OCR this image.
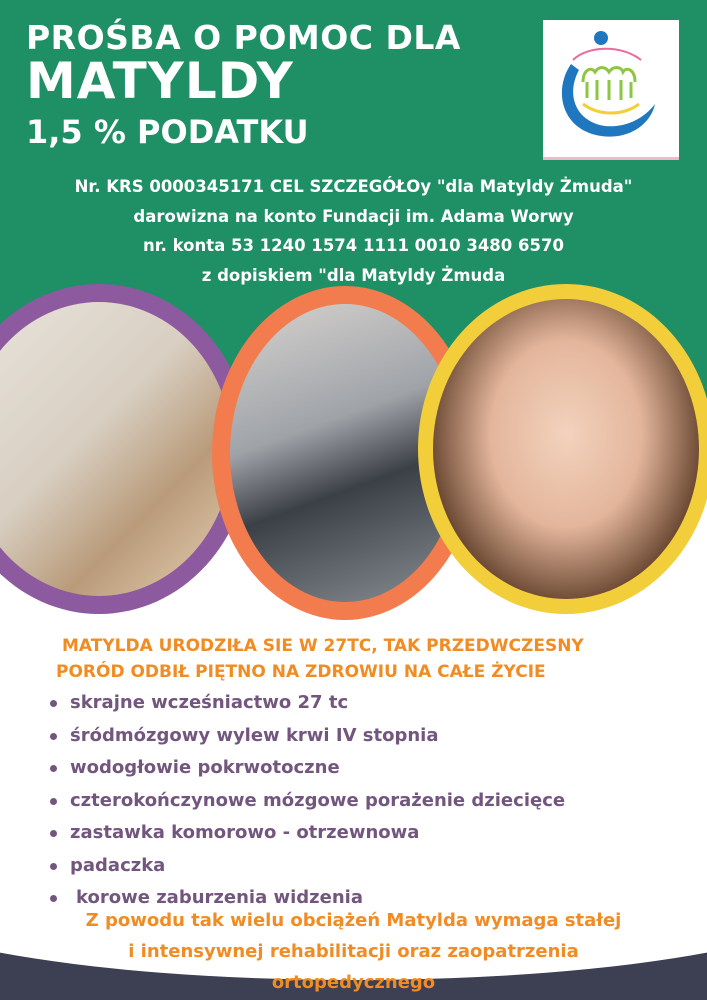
PROŚBA O POMOC DLA
MATYLDY
1,5 % PODATKU
Nr. KRS 0000345171 CEL SZCZEGÓŁOy "dla Matyldy Żmuda"
darowizna na konto Fundacji im. Adama Worwy
nr. konta 53 1240 1574 1111 0010 3480 6570
z dopiskiem "dla Matyldy Żmuda
MATYLDA URODZIŁA SIE W 27TC, TAK PRZEDWCZESNY
PORÓD ODBIŁ PIĘTNO NA ZDROWIU NA CAŁE ŻYCIE
skrajne wcześniactwo 27 tc
śródmózgowy wylew krwi IV stopnia
wodogłowie pokrwotoczne
czterokończynowe mózgowe porażenie dziecięce
zastawka komorowo - otrzewnowa
padaczka
korowe zaburzenia widzenia
Z powodu tak wielu obciążeń Matylda wymaga stałej
i intensywnej rehabilitacji oraz zaopatrzenia
ortopedycznego
